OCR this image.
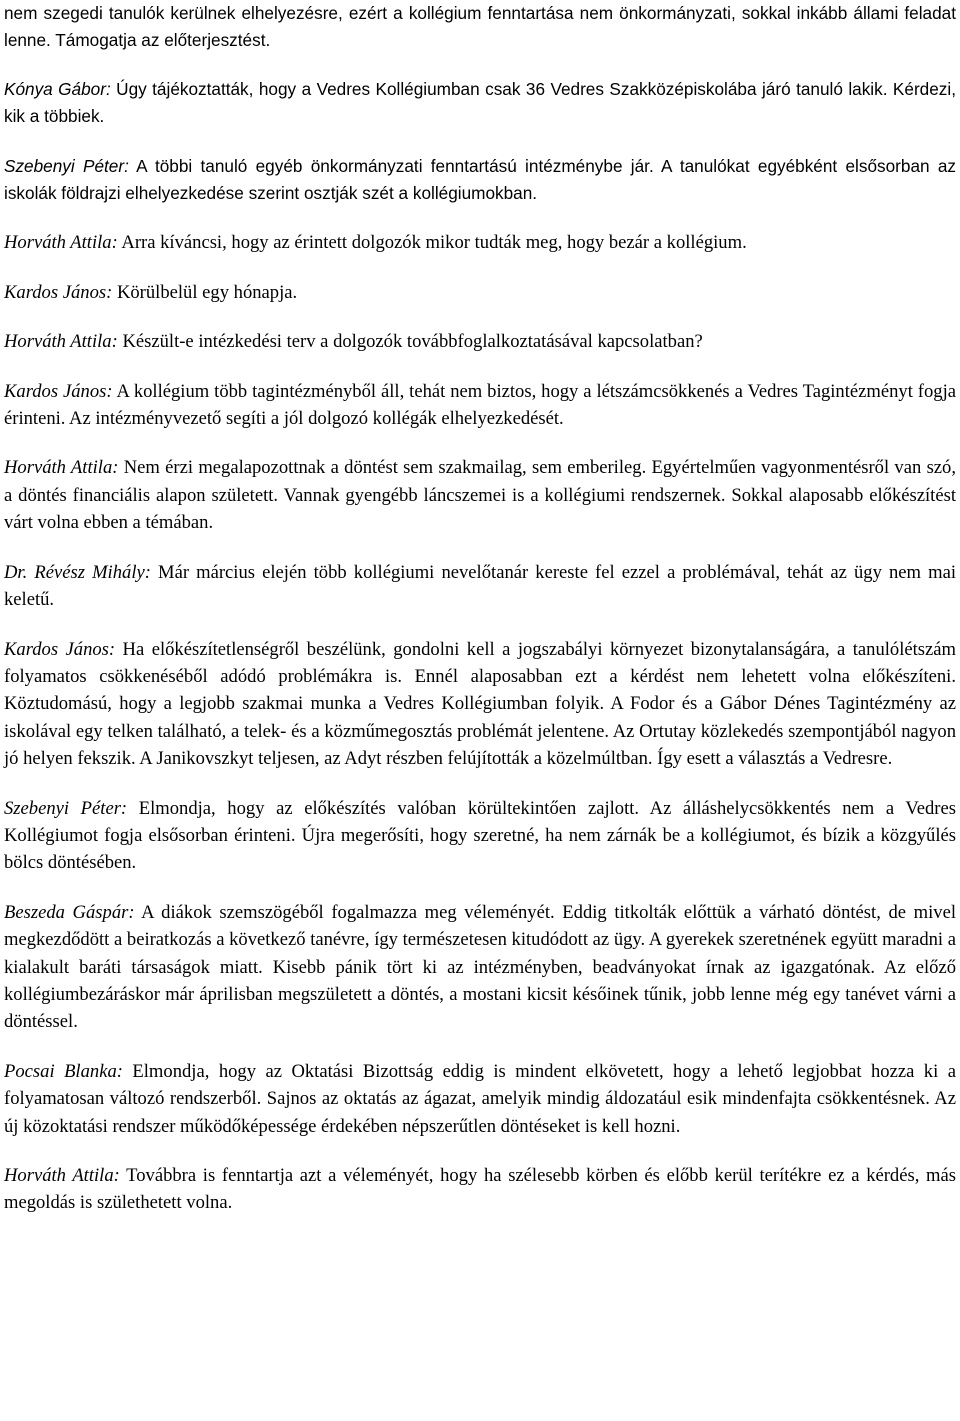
nem szegedi tanulók kerülnek elhelyezésre, ezért a kollégium fenntartása nem önkormányzati, sokkal inkább állami feladat lenne. Támogatja az előterjesztést.

Kónya Gábor: Úgy tájékoztatták, hogy a Vedres Kollégiumban csak 36 Vedres Szakközépiskolába járó tanuló lakik. Kérdezi, kik a többiek.

Szebenyi Péter: A többi tanuló egyéb önkormányzati fenntartású intézménybe jár. A tanulókat egyébként elsősorban az iskolák földrajzi elhelyezkedése szerint osztják szét a kollégiumokban.

Horváth Attila: Arra kíváncsi, hogy az érintett dolgozók mikor tudták meg, hogy bezár a kollégium.

Kardos János: Körülbelül egy hónapja.

Horváth Attila: Készült-e intézkedési terv a dolgozók továbbfoglalkoztatásával kapcsolatban?

Kardos János: A kollégium több tagintézményből áll, tehát nem biztos, hogy a létszámcsökkenés a Vedres Tagintézményt fogja érinteni. Az intézményvezető segíti a jól dolgozó kollégák elhelyezkedését.

Horváth Attila: Nem érzi megalapozottnak a döntést sem szakmailag, sem emberileg. Egyértelműen vagyonmentésről van szó, a döntés financiális alapon született. Vannak gyengébb láncszemei is a kollégiumi rendszernek. Sokkal alaposabb előkészítést várt volna ebben a témában.

Dr. Révész Mihály: Már március elején több kollégiumi nevelőtanár kereste fel ezzel a problémával, tehát az ügy nem mai keletű.

Kardos János: Ha előkészítetlenségről beszélünk, gondolni kell a jogszabályi környezet bizonytalanságára, a tanulólétszám folyamatos csökkenéséből adódó problémákra is. Ennél alaposabban ezt a kérdést nem lehetett volna előkészíteni. Köztudomású, hogy a legjobb szakmai munka a Vedres Kollégiumban folyik. A Fodor és a Gábor Dénes Tagintézmény az iskolával egy telken található, a telek- és a közműmegosztás problémát jelentene. Az Ortutay közlekedés szempontjából nagyon jó helyen fekszik. A Janikovszkyt teljesen, az Adyt részben felújították a közelmúltban. Így esett a választás a Vedresre.

Szebenyi Péter: Elmondja, hogy az előkészítés valóban körültekintően zajlott. Az álláshelycsökkentés nem a Vedres Kollégiumot fogja elsősorban érinteni. Újra megerősíti, hogy szeretné, ha nem zárnák be a kollégiumot, és bízik a közgyűlés bölcs döntésében.

Beszeda Gáspár: A diákok szemszögéből fogalmazza meg véleményét. Eddig titkolták előttük a várható döntést, de mivel megkezdődött a beiratkozás a következő tanévre, így természetesen kitudódott az ügy. A gyerekek szeretnének együtt maradni a kialakult baráti társaságok miatt. Kisebb pánik tört ki az intézményben, beadványokat írnak az igazgatónak. Az előző kollégiumbezáráskor már áprilisban megszületett a döntés, a mostani kicsit későinek tűnik, jobb lenne még egy tanévet várni a döntéssel.

Pocsai Blanka: Elmondja, hogy az Oktatási Bizottság eddig is mindent elkövetett, hogy a lehető legjobbat hozza ki a folyamatosan változó rendszerből. Sajnos az oktatás az ágazat, amelyik mindig áldozatául esik mindenfajta csökkentésnek. Az új közoktatási rendszer működőképessége érdekében népszerűtlen döntéseket is kell hozni.

Horváth Attila: Továbbra is fenntartja azt a véleményét, hogy ha szélesebb körben és előbb kerül terítékre ez a kérdés, más megoldás is születhetett volna.
